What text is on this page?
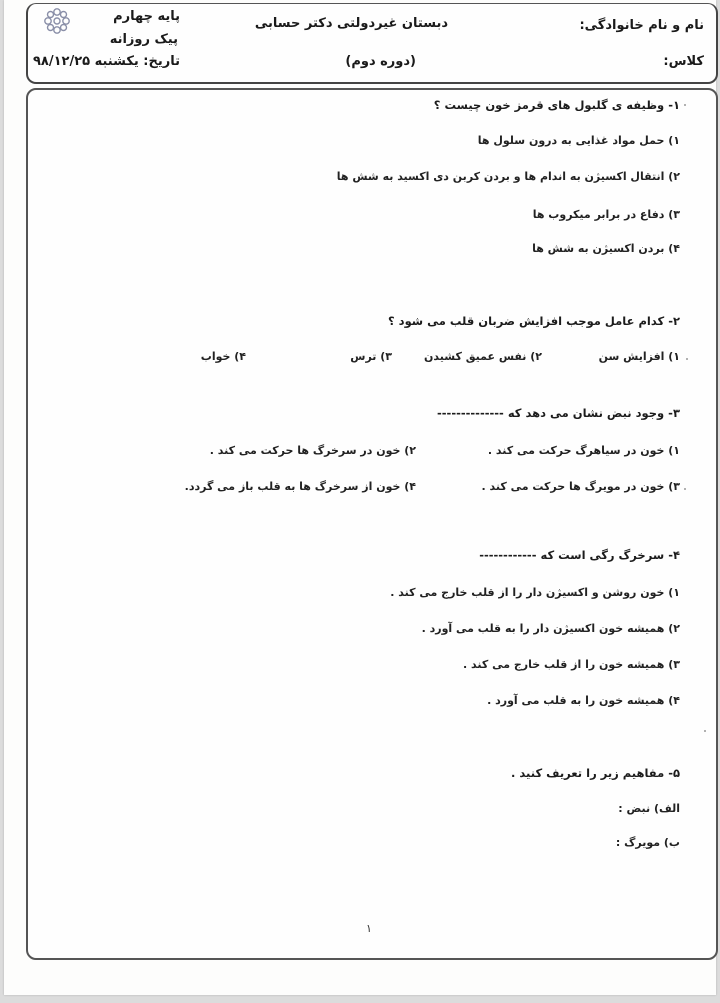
نام و نام خانوادگی:
کلاس:
دبستان غیردولتی دکتر حسابی
(دوره دوم)
پایه چهارم
پیک روزانه
تاریخ: یکشنبه ۹۸/۱۲/۲۵
۱- وظیفه ی گلبول های قرمز خون چیست ؟
۱) حمل مواد غذایی به درون سلول ها
۲) انتقال اکسیژن به اندام ها و بردن کربن دی اکسید به شش ها
۳) دفاع در برابر میکروب ها
۴) بردن اکسیژن به شش ها
۲- کدام عامل موجب افزایش ضربان قلب می شود ؟
۱) افزایش سن
۲) نفس عمیق کشیدن
۳) ترس
۴) خواب
۳- وجود نبض نشان می دهد که --------------
۱) خون در سیاهرگ حرکت می کند .
۲) خون در سرخرگ ها حرکت می کند .
۳) خون در مویرگ ها حرکت می کند .
۴) خون از سرخرگ ها به قلب باز می گردد.
۴- سرخرگ رگی است که ------------
۱) خون روشن و اکسیژن دار را از قلب خارج می کند .
۲) همیشه خون اکسیژن دار را به قلب می آورد .
۳) همیشه خون را از قلب خارج می کند .
۴) همیشه خون را به قلب می آورد .
۵- مفاهیم زیر را تعریف کنید .
الف) نبض :
ب) مویرگ :
۱
